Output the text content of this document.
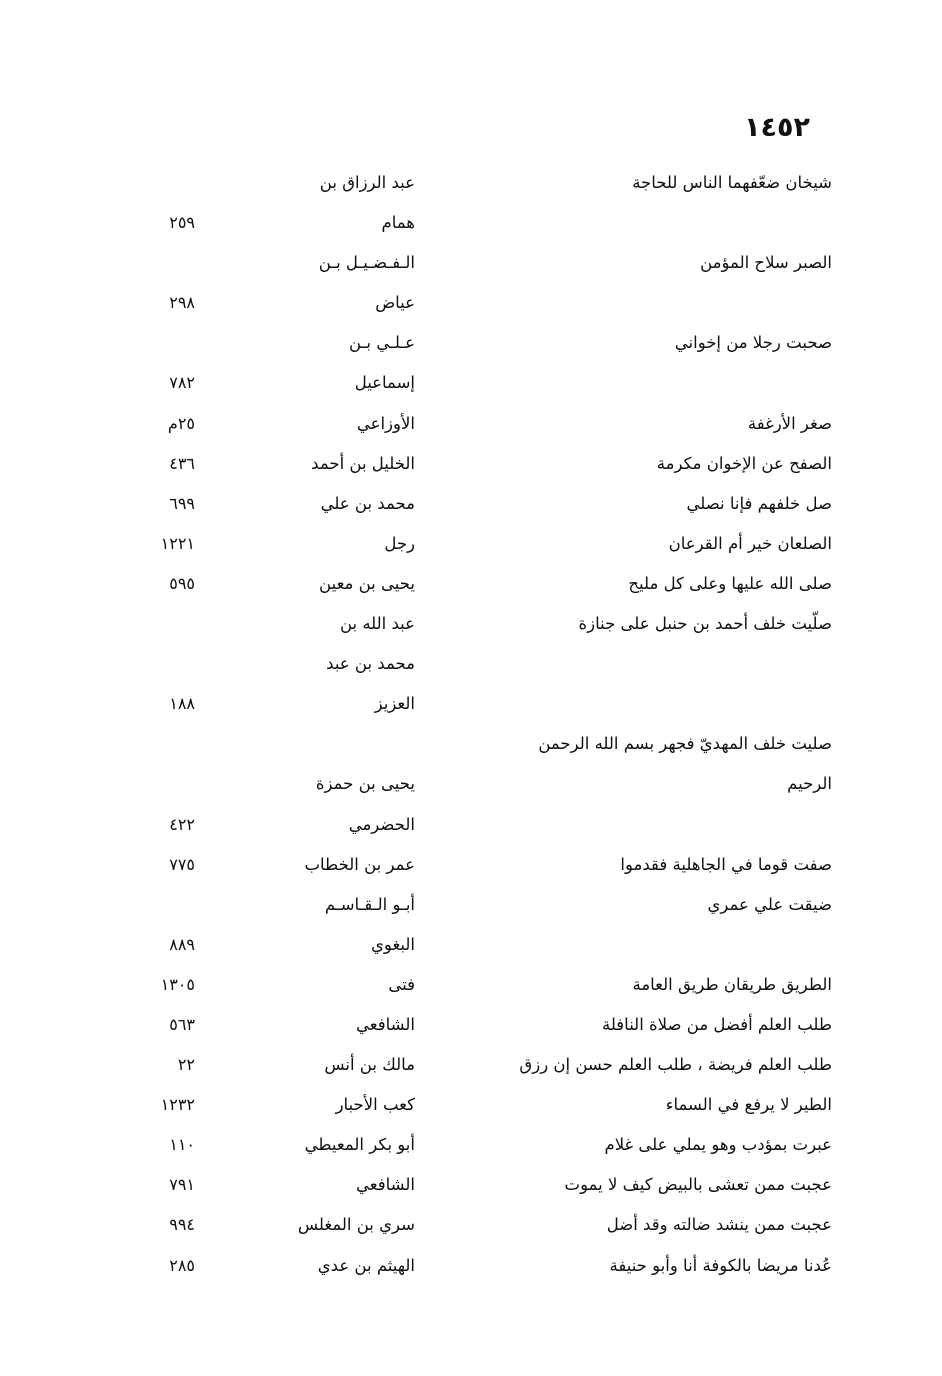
١٤٥٢
شيخان ضعّفهما الناس للحاجة
عبد الرزاق بن
همام
٢٥٩
الصبر سلاح المؤمن
الـفـضـيـل بـن
عياض
٢٩٨
صحبت رجلا من إخواني
عـلـي بـن
إسماعيل
٧٨٢
صغر الأرغفة
الأوزاعي
٢٥م
الصفح عن الإخوان مكرمة
الخليل بن أحمد
٤٣٦
صل خلفهم فإنا نصلي
محمد بن علي
٦٩٩
الصلعان خير أم القرعان
رجل
١٢٢١
صلى الله عليها وعلى كل مليح
يحيى بن معين
٥٩٥
صلّيت خلف أحمد بن حنبل على جنازة
عبد الله بن
محمد بن عبد
العزيز
١٨٨
صليت خلف المهديّ فجهر بسم الله الرحمن
الرحيم
يحيى بن حمزة
الحضرمي
٤٢٢
صفت قوما في الجاهلية فقدموا
عمر بن الخطاب
٧٧٥
ضيقت علي عمري
أبـو الـقـاسـم
البغوي
٨٨٩
الطريق طريقان طريق العامة
فتى
١٣٠٥
طلب العلم أفضل من صلاة النافلة
الشافعي
٥٦٣
طلب العلم فريضة ، طلب العلم حسن إن رزق
مالك بن أنس
٢٢
الطير لا يرفع في السماء
كعب الأحبار
١٢٣٢
عبرت بمؤدب وهو يملي على غلام
أبو بكر المعيطي
١١٠
عجبت ممن تعشى بالبيض كيف لا يموت
الشافعي
٧٩١
عجبت ممن ينشد ضالته وقد أضل
سري بن المغلس
٩٩٤
عُدنا مريضا بالكوفة أنا وأبو حنيفة
الهيثم بن عدي
٢٨٥
